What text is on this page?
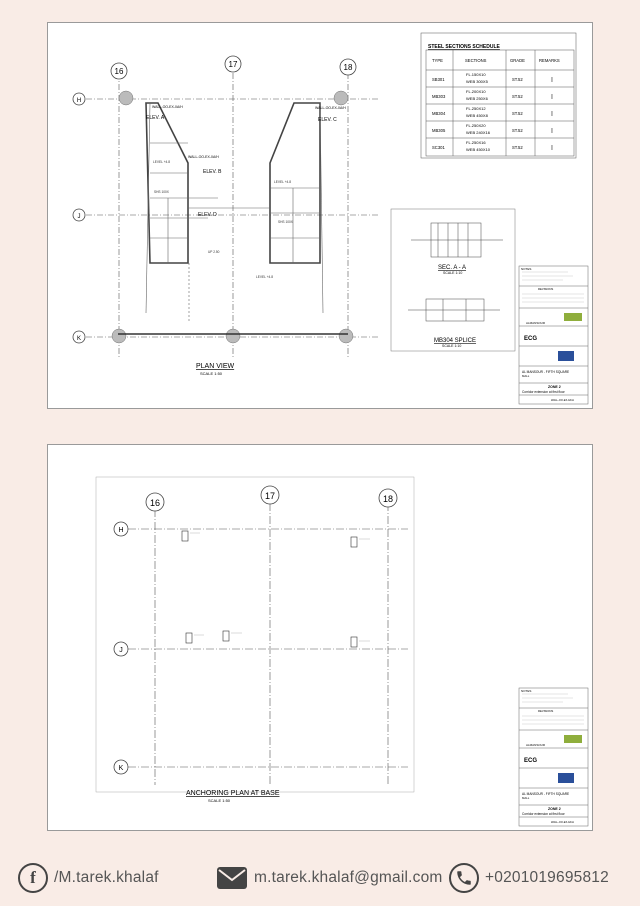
LEVEL +4.8
SHS 100X
LEVEL +4.8
SHS 100X
UP 2.50
LEVEL +4.8
16
17	18
H
J
K
ELEV. A
ELEV. B
ELEV. C
ELEV. D
WALL-OO-EX-0A/H
WALL-OO-EX-0A/H
WALL-OO-EX-0A/H
PLAN VIEW
SCALE 1:50
STEEL SECTIONS SCHEDULE
TYPE	SECTIONS	GRADE	REMARKS
SB301
FL.150X10
WEB 300X5	ST.52	I
MB303
FL.200X10
WEB 250X6	ST.52	I
MB304
FL.250X12
WEB 450X8	ST.52	I
MB305
FL.250X20
WEB 240X16	ST.52	I
SC301
FL.250X16
WEB 450X10	ST.52	I
SEC. A - A
SCALE 1:10
MB304 SPLICE
SCALE 1:10
NOTES
REVISIONS
ALMANSOUR
ECG
AL MANSOUR - FIFTH SQUARE
MALL
ZONE 2
Corridor extension at first floor
WALL-OO-EX-0A/H
16
17	18
H
J
K
ANCHORING PLAN AT BASE
SCALE 1:50
NOTES
REVISIONS
ALMANSOUR
ECG
AL MANSOUR - FIFTH SQUARE
MALL
ZONE 2
Corridor extension at first floor
WALL-OO-EX-0A/H
f /M.tarek.khalaf	m.tarek.khalaf@gmail.com	+0201019695812
